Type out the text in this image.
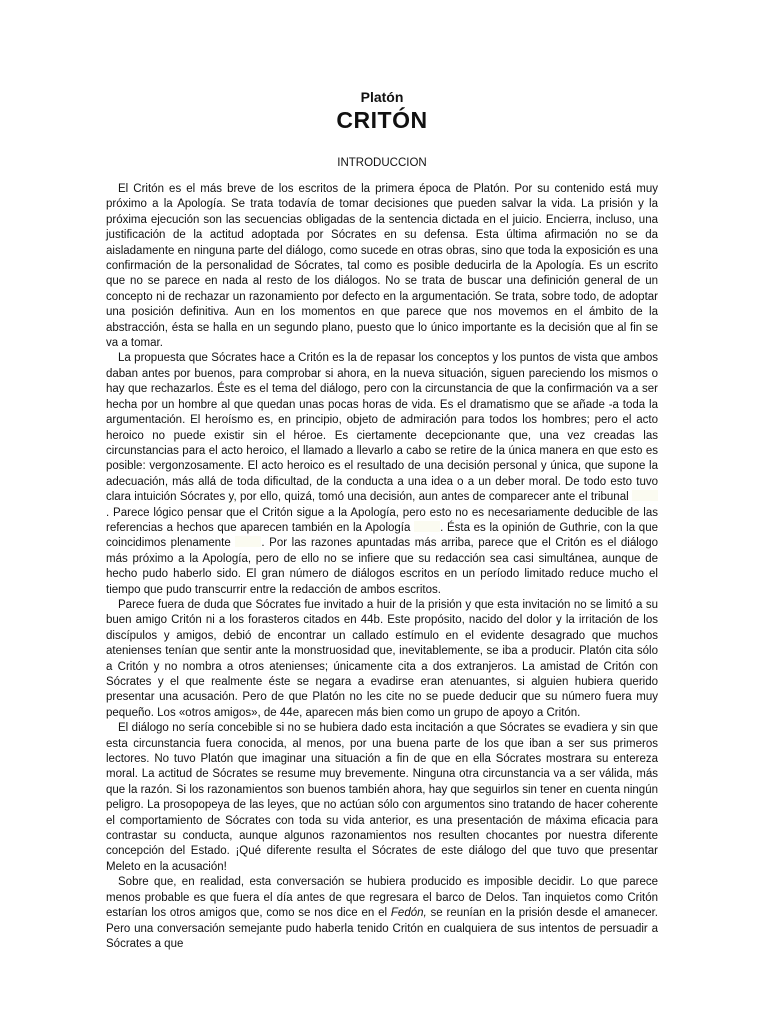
Platón
CRITÓN
INTRODUCCION

El Critón es el más breve de los escritos de la primera época de Platón. Por su contenido está muy próximo a la Apología. Se trata todavía de tomar decisiones que pueden salvar la vida. La prisión y la próxima ejecución son las secuencias obligadas de la sentencia dictada en el juicio. Encierra, incluso, una justificación de la actitud adoptada por Sócrates en su defensa. Esta última afirmación no se da aisladamente en ninguna parte del diálogo, como sucede en otras obras, sino que toda la exposición es una confirmación de la personalidad de Sócrates, tal como es posible deducirla de la Apología. Es un escrito que no se parece en nada al resto de los diálogos. No se trata de buscar una definición general de un concepto ni de rechazar un razonamiento por defecto en la argumentación. Se trata, sobre todo, de adoptar una posición definitiva. Aun en los momentos en que parece que nos movemos en el ámbito de la abstracción, ésta se halla en un segundo plano, puesto que lo único importante es la decisión que al fin se va a tomar.

La propuesta que Sócrates hace a Critón es la de repasar los conceptos y los puntos de vista que ambos daban antes por buenos, para comprobar si ahora, en la nueva situación, siguen pareciendo los mismos o hay que rechazarlos. Éste es el tema del diálogo, pero con la circunstancia de que la confirmación va a ser hecha por un hombre al que quedan unas pocas horas de vida. Es el dramatismo que se añade -a toda la argumentación. El heroísmo es, en principio, objeto de admiración para todos los hombres; pero el acto heroico no puede existir sin el héroe. Es ciertamente decepcionante que, una vez creadas las circunstancias para el acto heroico, el llamado a llevarlo a cabo se retire de la única manera en que esto es posible: vergonzosamente. El acto heroico es el resultado de una decisión personal y única, que supone la adecuación, más allá de toda dificultad, de la conducta a una idea o a un deber moral. De todo esto tuvo clara intuición Sócrates y, por ello, quizá, tomó una decisión, aun antes de comparecer ante el tribunal  . Parece lógico pensar que el Critón sigue a la Apología, pero esto no es necesariamente deducible de las referencias a hechos que aparecen también en la Apología	. Ésta es la opinión de Guthrie, con la que coincidimos plenamente	. Por las razones apuntadas más arriba, parece que el Critón es el diálogo más próximo a la Apología, pero de ello no se infiere que su redacción sea casi simultánea, aunque de hecho pudo haberlo sido. El gran número de diálogos escritos en un período limitado reduce mucho el tiempo que pudo transcurrir entre la redacción de ambos escritos.

Parece fuera de duda que Sócrates fue invitado a huir de la prisión y que esta invitación no se limitó a su buen amigo Critón ni a los forasteros citados en 44b. Este propósito, nacido del dolor y la irritación de los discípulos y amigos, debió de encontrar un callado estímulo en el evidente desagrado que muchos atenienses tenían que sentir ante la monstruosidad que, inevitablemente, se iba a producir. Platón cita sólo a Critón y no nombra a otros atenienses; únicamente cita a dos extranjeros. La amistad de Critón con Sócrates y el que realmente éste se negara a evadirse eran atenuantes, si alguien hubiera querido presentar una acusación. Pero de que Platón no les cite no se puede deducir que su número fuera muy pequeño. Los «otros amigos», de 44e, aparecen más bien como un grupo de apoyo a Critón.

El diálogo no sería concebible si no se hubiera dado esta incitación a que Sócrates se evadiera y sin que esta circunstancia fuera conocida, al menos, por una buena parte de los que iban a ser sus primeros lectores. No tuvo Platón que imaginar una situación a fin de que en ella Sócrates mostrara su entereza moral. La actitud de Sócrates se resume muy brevemente. Ninguna otra circunstancia va a ser válida, más que la razón. Si los razonamientos son buenos también ahora, hay que seguirlos sin tener en cuenta ningún peligro. La prosopopeya de las leyes, que no actúan sólo con argumentos sino tratando de hacer coherente el comportamiento de Sócrates con toda su vida anterior, es una presentación de máxima eficacia para contrastar su conducta, aunque algunos razonamientos nos resulten chocantes por nuestra diferente concepción del Estado. ¡Qué diferente resulta el Sócrates de este diálogo del que tuvo que presentar Meleto en la acusación!

Sobre que, en realidad, esta conversación se hubiera producido es imposible decidir. Lo que parece menos probable es que fuera el día antes de que regresara el barco de Delos. Tan inquietos como Critón estarían los otros amigos que, como se nos dice en el Fedón, se reunían en la prisión desde el amanecer. Pero una conversación semejante pudo haberla tenido Critón en cualquiera de sus intentos de persuadir a Sócrates a que
